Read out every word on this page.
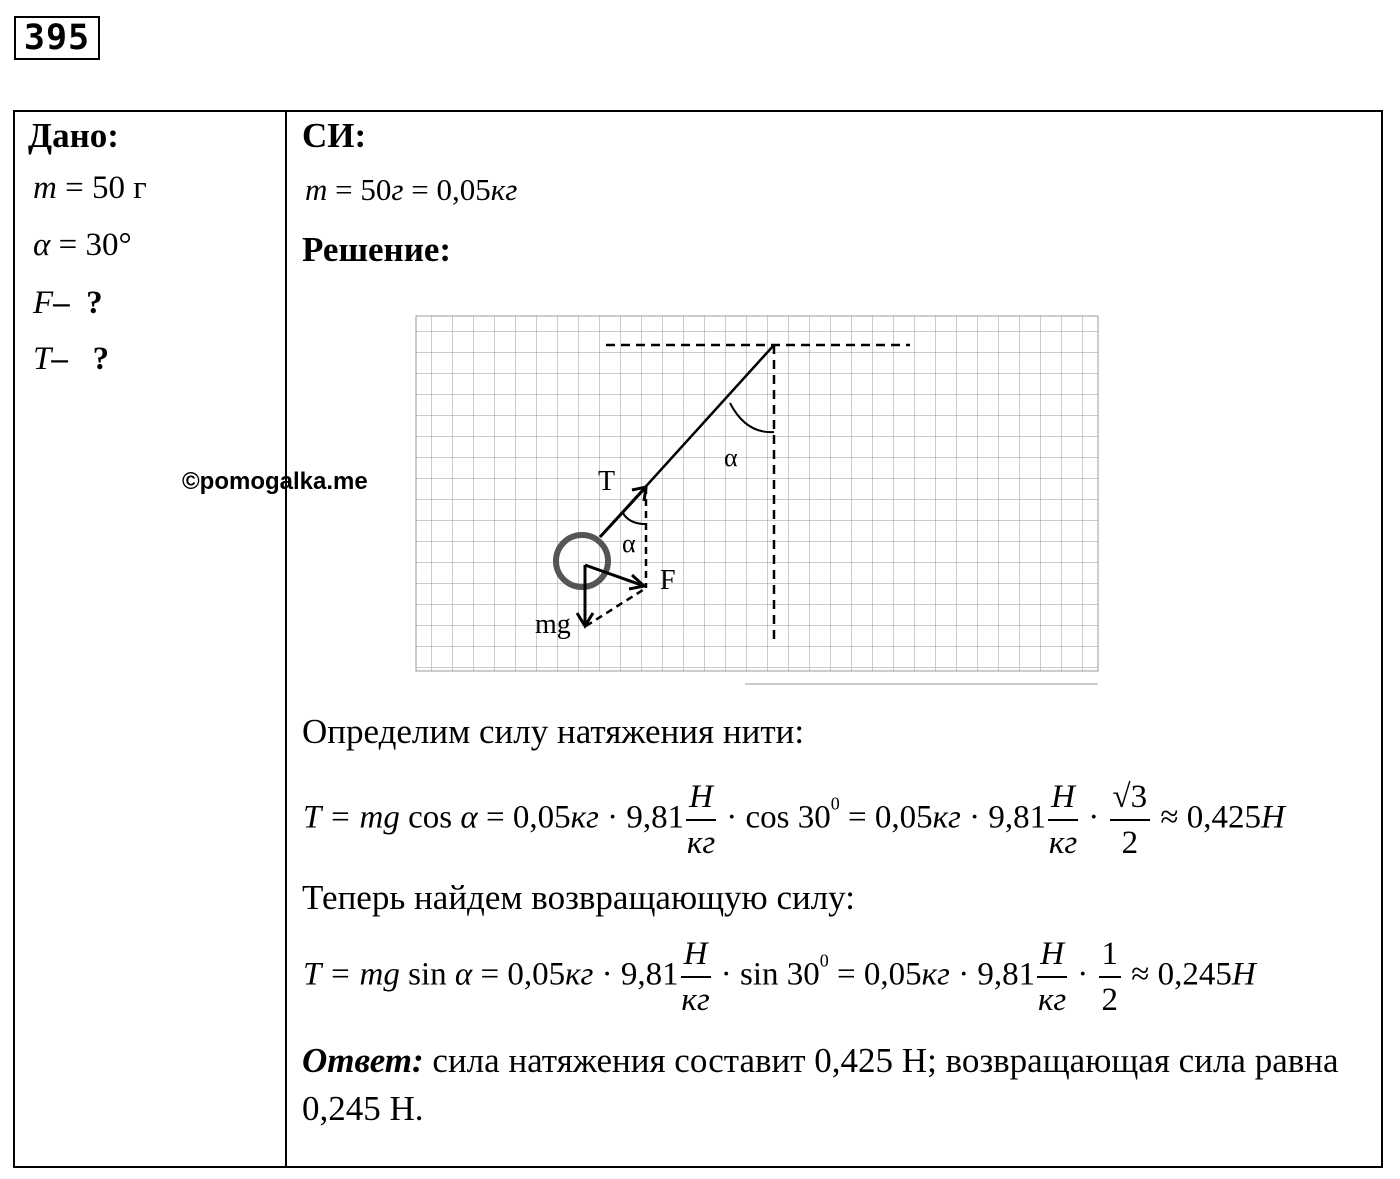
395
Дано:
m = 50 г
α = 30°
F– ?
T– ?
СИ:
m = 50г = 0,05кг
Решение:
α
T
α
F
mg
©pomogalka.me
Определим силу натяжения нити:
T = mg $\cos \alpha = 0,05кг \cdot 9,81 \frac{Н}{кг} \cdot \cos 30^0 = 0,05кг \cdot 9,81 \frac{Н}{кг} \cdot \frac{√3}{2} \approx 0,425Н$
Теперь найдем возвращающую силу:
T = mg $\sin \alpha = 0,05кг \cdot 9,81 \frac{Н}{кг} \cdot \sin 30^0 = 0,05кг \cdot 9,81 \frac{Н}{кг} \cdot \frac{1}{2} \approx 0,245Н$
Ответ: сила натяжения составит 0,425 Н; возвращающая сила равна 0,245 Н.
